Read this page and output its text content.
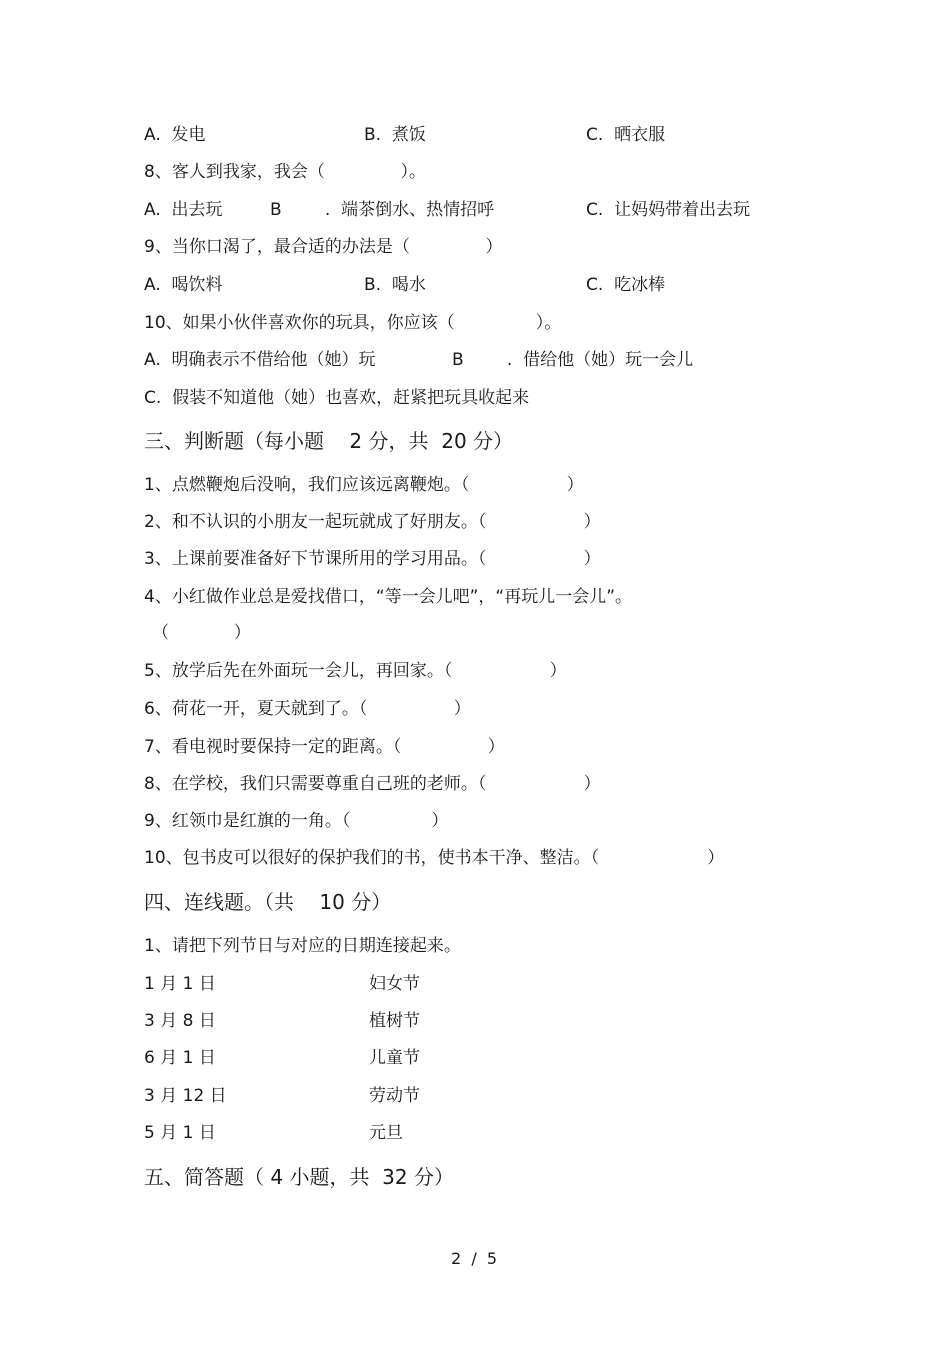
A.  发电	B.  煮饭	C.  晒衣服
8、客人到我家，我会（              ）。
A.  出去玩	B        .  端茶倒水、热情招呼	C.  让妈妈带着出去玩
9、当你口渴了，最合适的办法是（              ）
A.  喝饮料	B.  喝水	C.  吃冰棒
10、如果小伙伴喜欢你的玩具，你应该（               ）。
A.  明确表示不借给他（她）玩	B        .  借给他（她）玩一会儿
C.  假装不知道他（她）也喜欢，赶紧把玩具收起来
三、判断题（每小题    2 分，共  20 分）
1、点燃鞭炮后没响，我们应该远离鞭炮。（                  ）
2、和不认识的小朋友一起玩就成了好朋友。（                  ）
3、上课前要准备好下节课所用的学习用品。（                  ）
4、小红做作业总是爱找借口，“等一会儿吧”，“再玩儿一会儿”。
（            ）
5、放学后先在外面玩一会儿，再回家。（                  ）
6、荷花一开，夏天就到了。（                ）
7、看电视时要保持一定的距离。（                ）
8、在学校，我们只需要尊重自己班的老师。（                  ）
9、红领巾是红旗的一角。（               ）
10、包书皮可以很好的保护我们的书，使书本干净、整洁。（                    ）
四、连线题。（共    10 分）
1、请把下列节日与对应的日期连接起来。
1 月 1 日	妇女节
3 月 8 日	植树节
6 月 1 日	儿童节
3 月 12 日	劳动节
5 月 1 日	元旦
五、简答题（ 4 小题，共  32 分）
2  /  5
